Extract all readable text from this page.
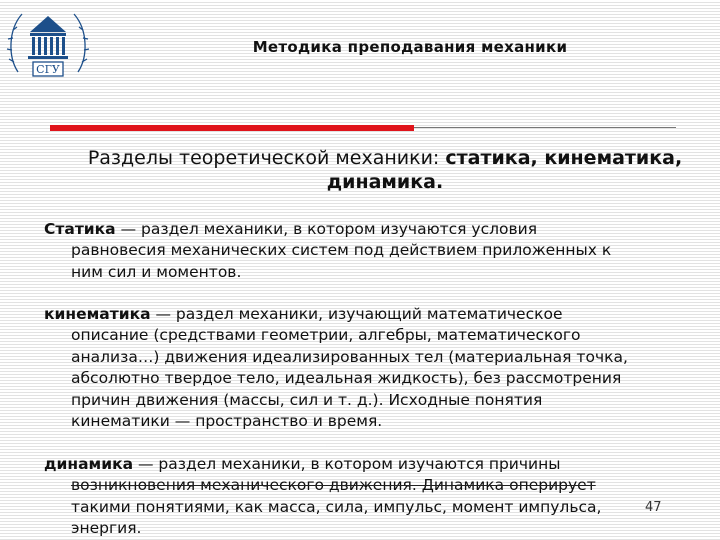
СГУ
Методика преподавания механики
Разделы теоретической механики: статика, кинематика,
динамика.
Статика — раздел механики, в котором изучаются условия
равновесия механических систем под действием приложенных к
ним сил и моментов.
кинематика — раздел механики, изучающий математическое
описание (средствами геометрии, алгебры, математического
анализа…) движения идеализированных тел (материальная точка,
абсолютно твердое тело, идеальная жидкость), без рассмотрения
причин движения (массы, сил и т. д.). Исходные понятия
кинематики — пространство и время.
динамика — раздел механики, в котором изучаются причины
возникновения механического движения. Динамика оперирует
такими понятиями, как масса, сила, импульс, момент импульса,
энергия.
47
